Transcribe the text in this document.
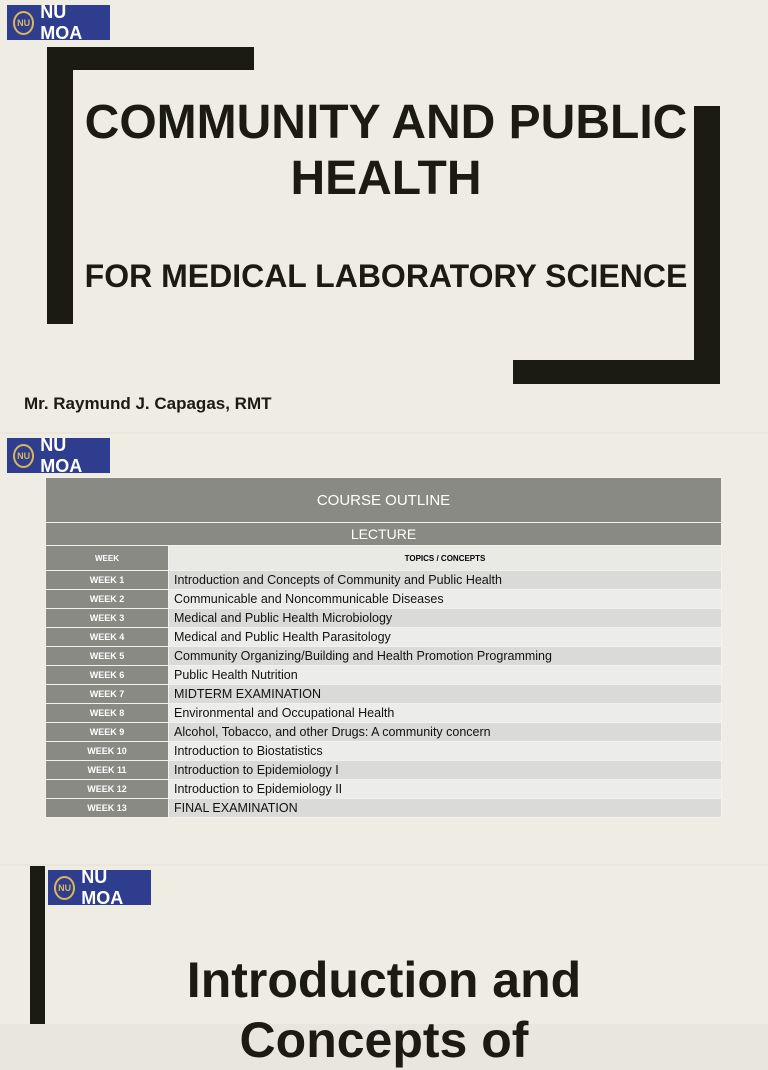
NU
NU MOA
COMMUNITY AND PUBLIC HEALTH
FOR MEDICAL LABORATORY SCIENCE
Mr. Raymund J. Capagas, RMT
NU
NU MOA
COURSE OUTLINE	
LECTURE	
WEEK	TOPICS / CONCEPTS
WEEK 1	Introduction and Concepts of Community and Public Health
WEEK 2	Communicable and Noncommunicable Diseases
WEEK 3	Medical and Public Health Microbiology
WEEK 4	Medical and Public Health Parasitology
WEEK 5	Community Organizing/Building and Health Promotion Programming
WEEK 6	Public Health Nutrition
WEEK 7	MIDTERM EXAMINATION
WEEK 8	Environmental and Occupational Health
WEEK 9	Alcohol, Tobacco, and other Drugs: A community concern
WEEK 10	Introduction to Biostatistics
WEEK 11	Introduction to Epidemiology I
WEEK 12	Introduction to Epidemiology II
WEEK 13	FINAL EXAMINATION
NU
NU MOA
Introduction and Concepts of
